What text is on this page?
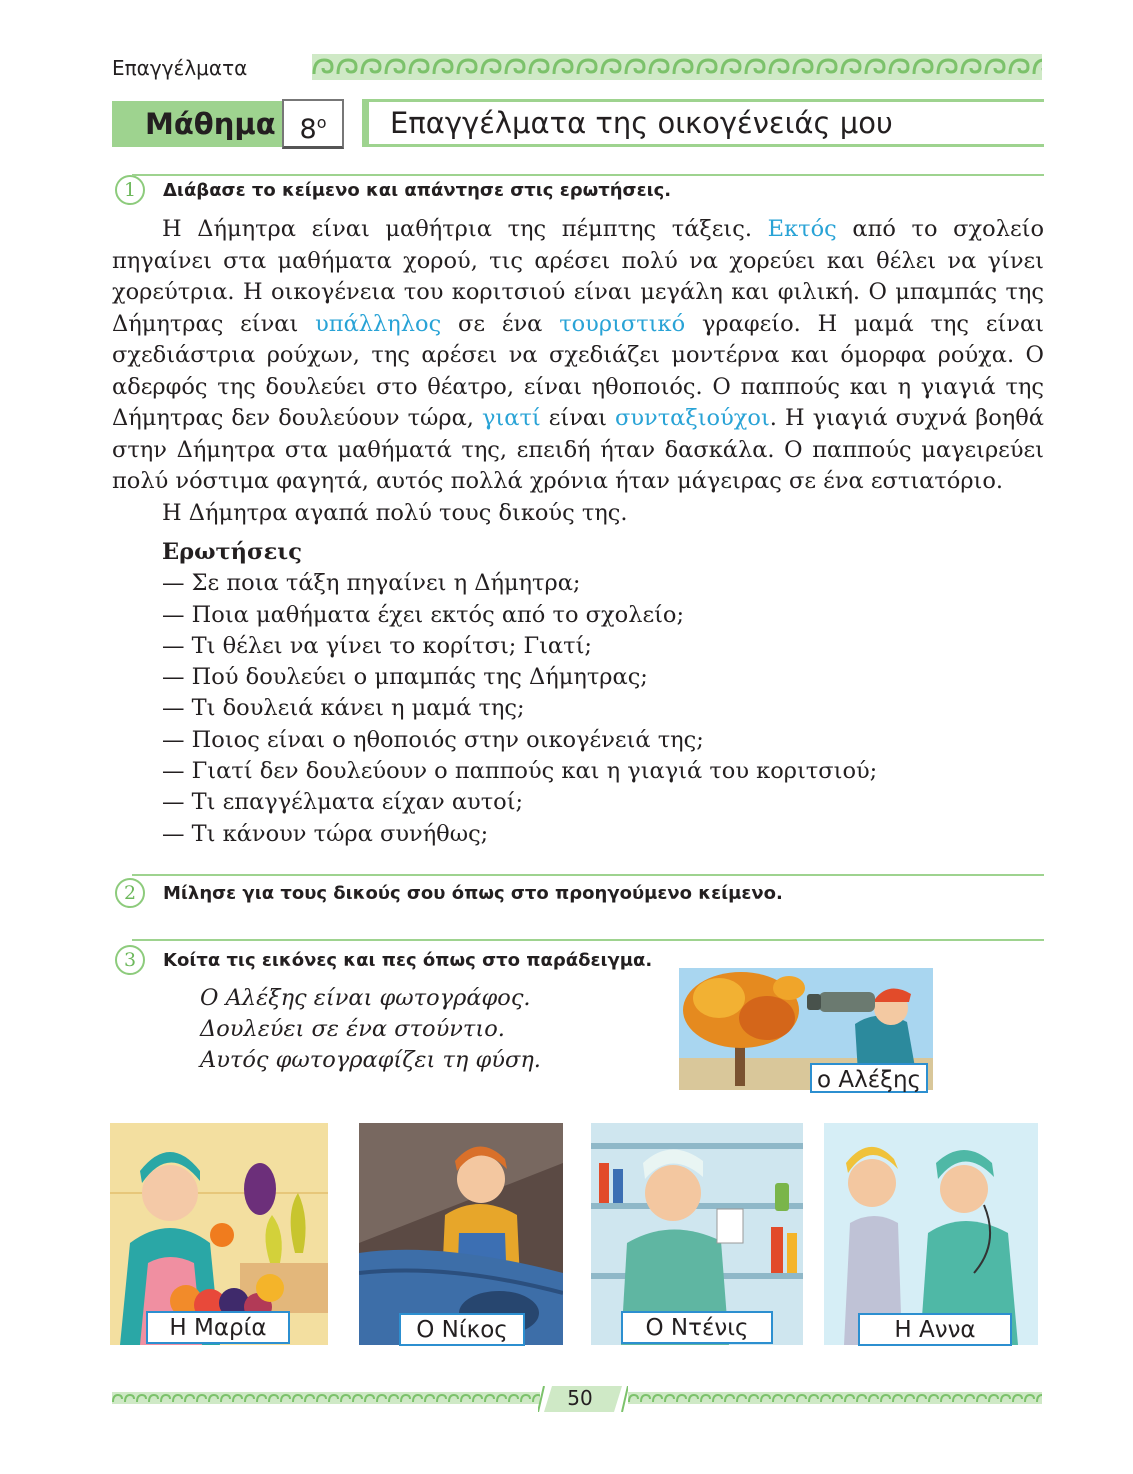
Επαγγέλματα
Μάθημα $8^o$	Επαγγέλματα της οικογένειάς μου
1	Διάβασε το κείμενο και απάντησε στις ερωτήσεις.

Η Δήμητρα είναι μαθήτρια της πέμπτης τάξεις. Εκτός από το σχολείο πηγαίνει στα μαθήματα χορού, τις αρέσει πολύ να χορεύει και θέλει να γίνει χορεύτρια. Η οικογένεια του κοριτσιού είναι μεγάλη και φιλική. Ο μπαμπάς της Δήμητρας είναι υπάλληλος σε ένα τουριστικό γραφείο. Η μαμά της είναι σχεδιάστρια ρούχων, της αρέσει να σχεδιάζει μοντέρνα και όμορφα ρούχα. Ο αδερφός της δουλεύει στο θέατρο, είναι ηθοποιός. Ο παππούς και η γιαγιά της Δήμητρας δεν δουλεύουν τώρα, γιατί είναι συνταξιούχοι. Η γιαγιά συχνά βοηθά στην Δήμητρα στα μαθήματά της, επειδή ήταν δασκάλα. Ο παππούς μαγειρεύει πολύ νόστιμα φαγητά, αυτός πολλά χρόνια ήταν μάγειρας σε ένα εστιατόριο.

Η Δήμητρα αγαπά πολύ τους δικούς της.

Ερωτήσεις
— Σε ποια τάξη πηγαίνει η Δήμητρα;
— Ποια μαθήματα έχει εκτός από το σχολείο;
— Τι θέλει να γίνει το κορίτσι; Γιατί;
— Πού δουλεύει ο μπαμπάς της Δήμητρας;
— Τι δουλειά κάνει η μαμά της;
— Ποιος είναι ο ηθοποιός στην οικογένειά της;
— Γιατί δεν δουλεύουν ο παππούς και η γιαγιά του κοριτσιού;
— Τι επαγγέλματα είχαν αυτοί;
— Τι κάνουν τώρα συνήθως;
2	Μίλησε για τους δικούς σου όπως στο προηγούμενο κείμενο.
3	Κοίτα τις εικόνες και πες όπως στο παράδειγμα.
Ο Αλέξης είναι φωτογράφος.
Δουλεύει σε ένα στούντιο.
Αυτός φωτογραφίζει τη φύση.
ο Αλέξης
Η Μαρία	Ο Νίκος	Ο Ντένις	Η Αννα
50
